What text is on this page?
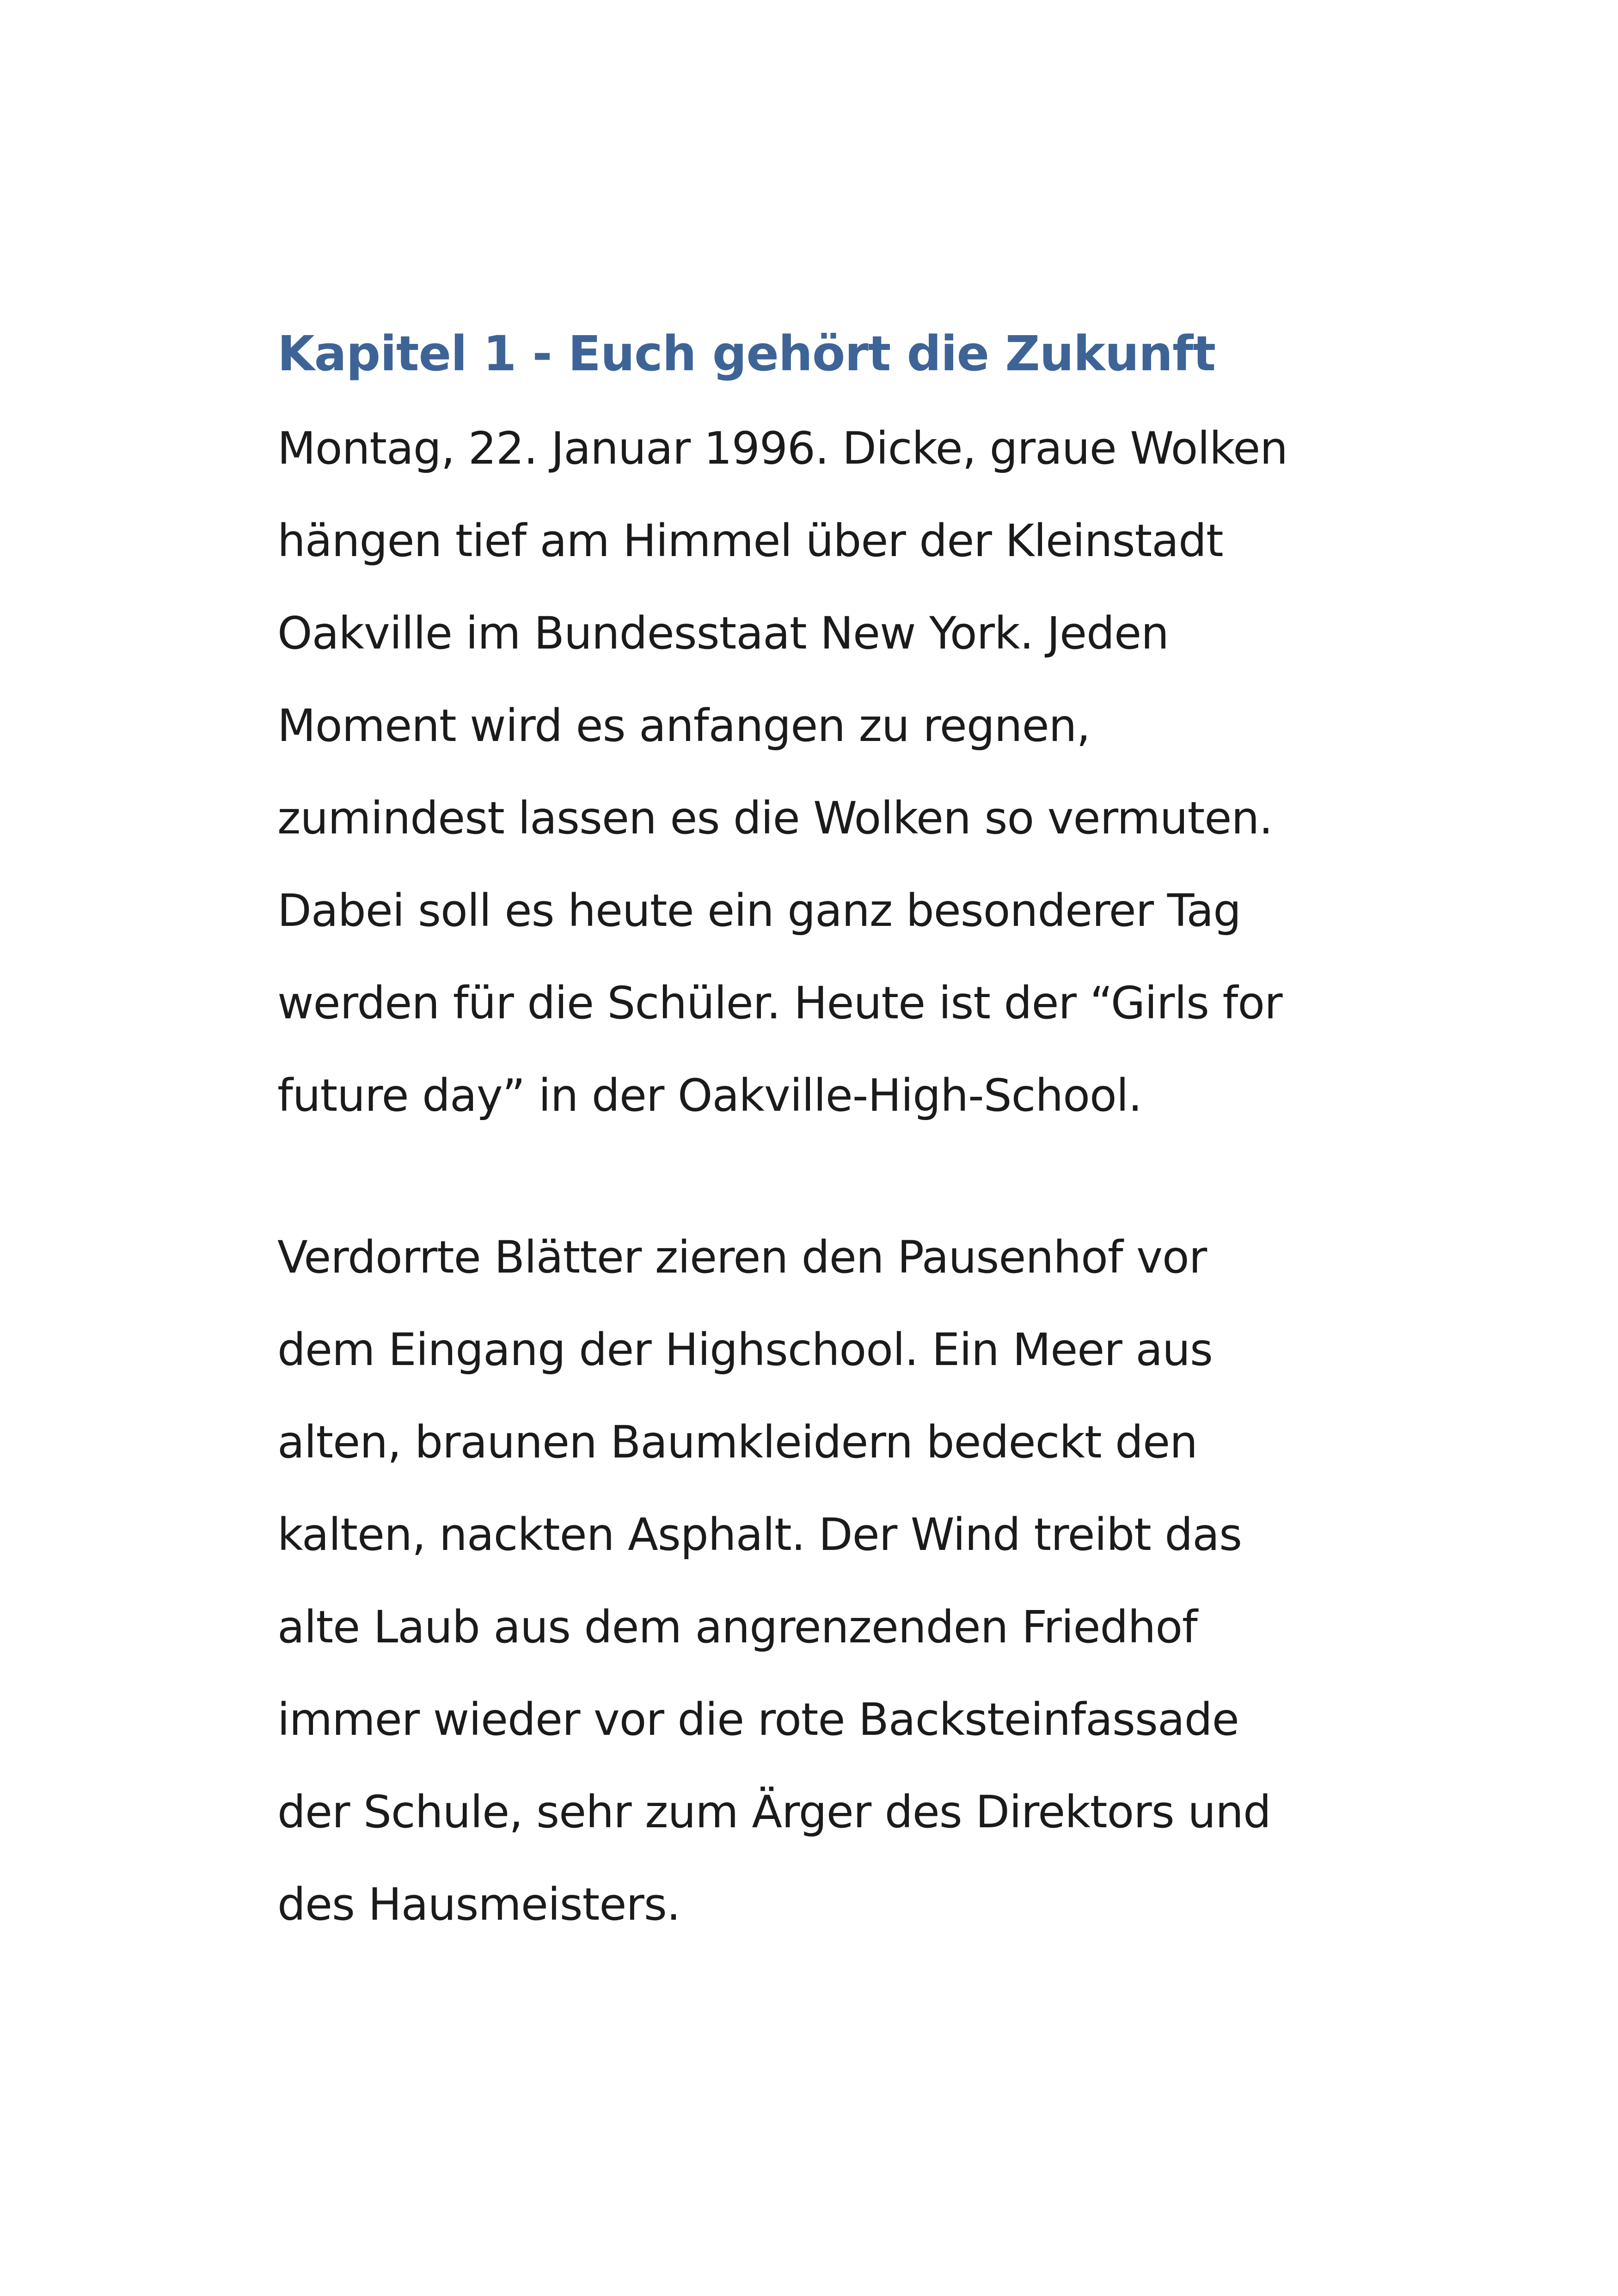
Kapitel 1 - Euch gehört die Zukunft

Montag, 22. Januar 1996. Dicke, graue Wolken
hängen tief am Himmel über der Kleinstadt
Oakville im Bundesstaat New York. Jeden
Moment wird es anfangen zu regnen,
zumindest lassen es die Wolken so vermuten.
Dabei soll es heute ein ganz besonderer Tag
werden für die Schüler. Heute ist der “Girls for
future day” in der Oakville-High-School.

Verdorrte Blätter zieren den Pausenhof vor
dem Eingang der Highschool. Ein Meer aus
alten, braunen Baumkleidern bedeckt den
kalten, nackten Asphalt. Der Wind treibt das
alte Laub aus dem angrenzenden Friedhof
immer wieder vor die rote Backsteinfassade
der Schule, sehr zum Ärger des Direktors und
des Hausmeisters.
